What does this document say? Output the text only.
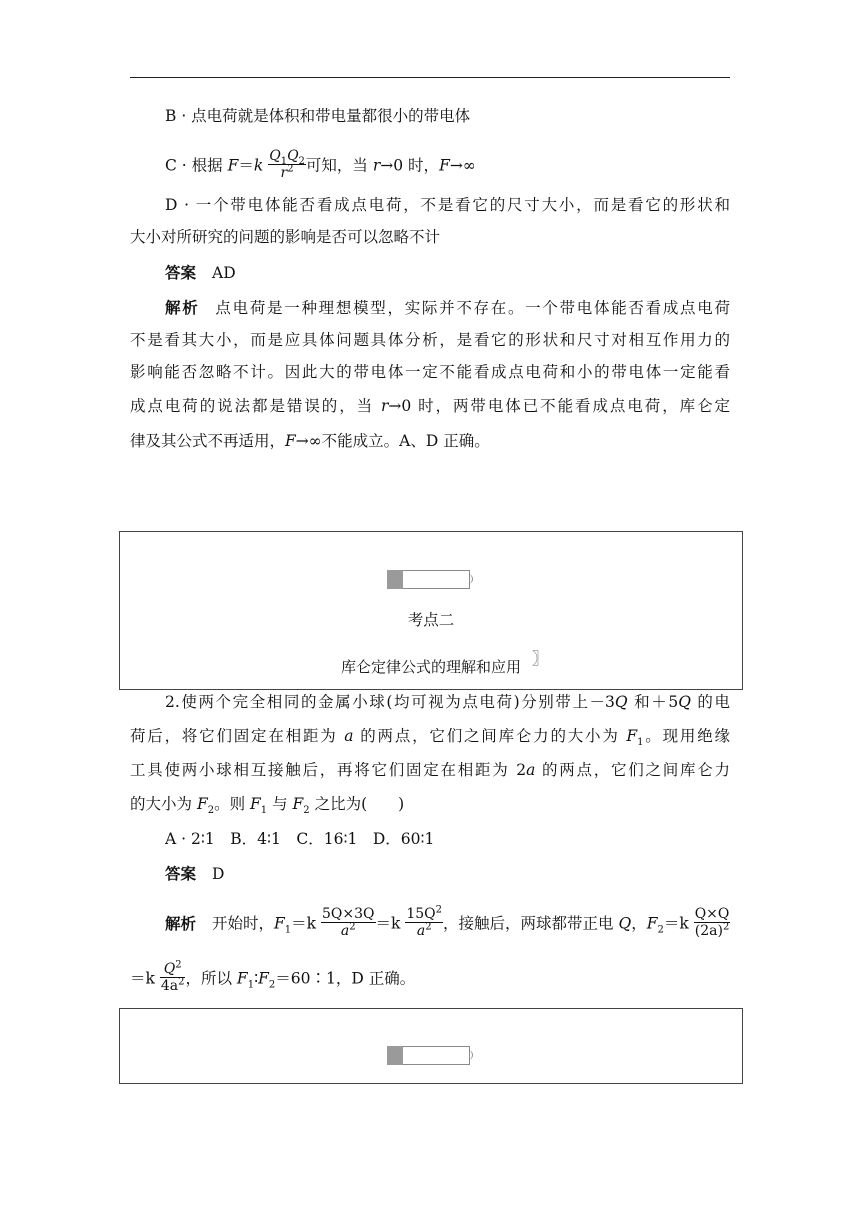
B · 点电荷就是体积和带电量都很小的带电体
C · 根据 $F=k \frac{Q_1Q_2}{r^2}$ 可知，当 r→0 时，F→∞
D · 一个带电体能否看成点电荷，不是看它的尺寸大小，而是看它的形状和
大小对所研究的问题的影响是否可以忽略不计
答案 AD
解析 点电荷是一种理想模型，实际并不存在。一个带电体能否看成点电荷
不是看其大小，而是应具体问题具体分析，是看它的形状和尺寸对相互作用力的
影响能否忽略不计。因此大的带电体一定不能看成点电荷和小的带电体一定能看
成点电荷的说法都是错误的，当 r→0 时，两带电体已不能看成点电荷，库仑定
律及其公式不再适用，F→∞不能成立。A、D 正确。
考点二
库仑定律公式的理解和应用 〗
2.使两个完全相同的金属小球(均可视为点电荷)分别带上－3Q 和＋5Q 的电
荷后，将它们固定在相距为 a 的两点，它们之间库仑力的大小为 $F_1$。现用绝缘
工具使两小球相互接触后，再将它们固定在相距为 2a 的两点，它们之间库仑力
的大小为 $F_2$。则 $F_1$ 与 $F_2$ 之比为(　　)
A · 2∶1　B．4∶1　C．16∶1　D．60∶1
答案 D
解析 开始时，$F_1=k \frac{5Q\times 3Q}{a^2} =k \frac{15Q^2}{a^2}$ ，接触后，两球都带正电 Q，$F_2=k \frac{Q\times Q}{(2a)^2}$
$=k \frac{Q^2}{4a^2}$ ，所以 $F_1∶F_2=60∶1$，D 正确。
